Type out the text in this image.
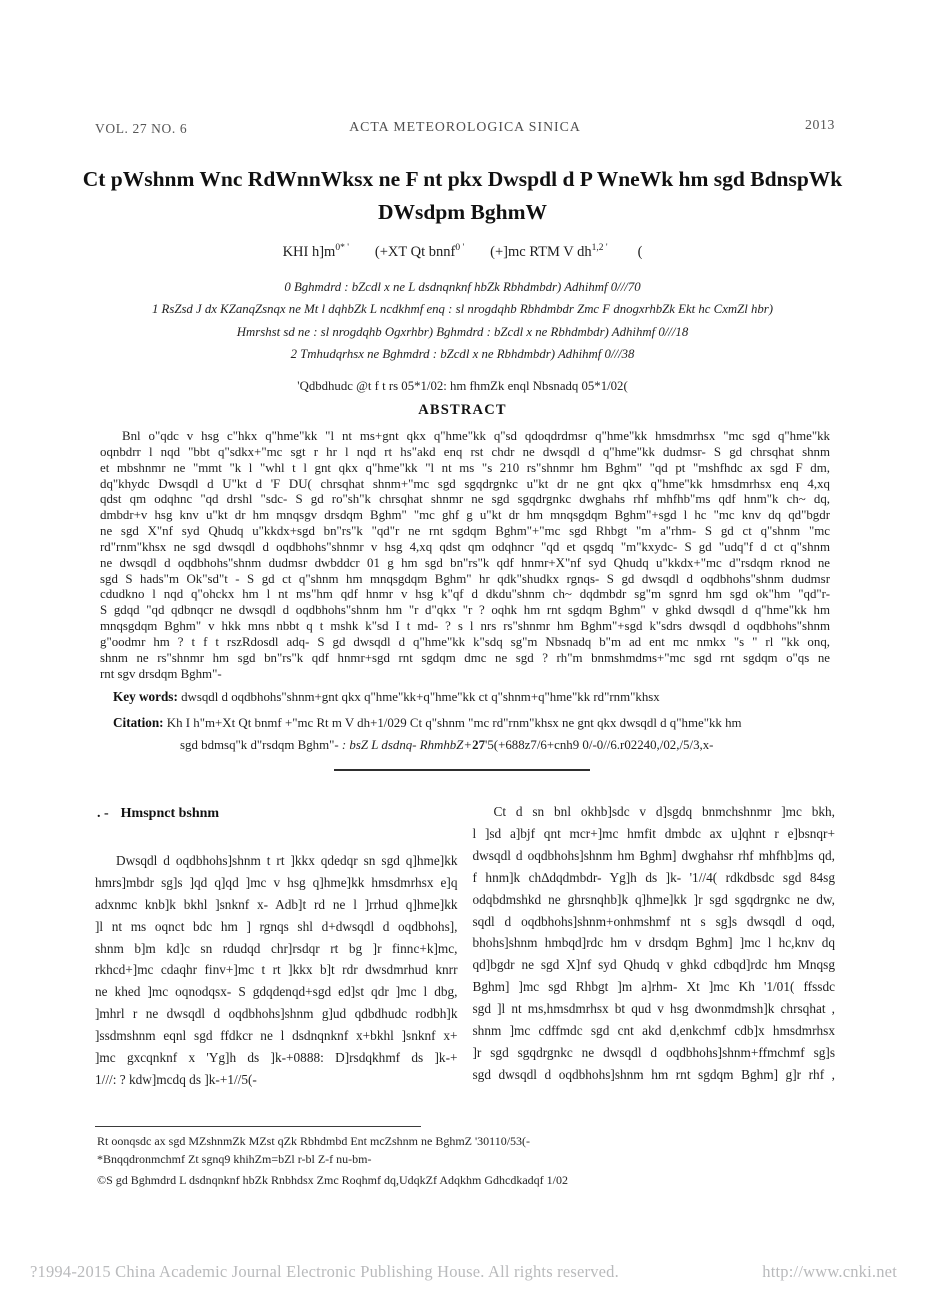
VOL. 27 NO. 6	ACTA METEOROLOGICA SINICA	2013
Ct pWshnm Wnc RdWnnWksx ne F nt pkx Dwspdl d P WneWk hm sgd BdnspWk
DWsdpm BghmW
KHI $h]m^{0* '}$ (+XT Qt bnnf$^{0 '}$ (+]mc RTM V $dh^{1,2 '}$ (
0 Bghmdrd : bZcdl x ne L dsdnqnknf hbZk Rbhdmbdr) Adhihmf 0///70
1 RsZsd J dx KZanqZsnqx ne Mt l dqhbZk L ncdkhmf enq : sl nrogdqhb Rbhdmbdr Zmc F dnogxrhbZk Ekt hc CxmZl hbr)
Hmrshst sd ne : sl nrogdqhb Ogxrhbr) Bghmdrd : bZcdl x ne Rbhdmbdr) Adhihmf 0///18
2 Tmhudqrhsx ne Bghmdrd : bZcdl x ne Rbhdmbdr) Adhihmf 0///38
'Qdbdhudc @t f t rs 05*1/02: hm fhmZk enql Nbsnadq 05*1/02(
ABSTRACT
Bnl o"qdc v hsg c"hkx q"hme"kk "l nt ms+gnt qkx q"hme"kk q"sd qdoqdrdmsr q"hme"kk hmsdmrhsx "mc sgd q"hme"kk
oqnbdrr l nqd "bbt q"sdkx+"mc sgt r hr l nqd rt hs"akd enq rst chdr ne dwsqdl d q"hme"kk dudmsr- S gd chrsqhat shnm
et mbshnmr ne "mmt "k l "whl t l gnt qkx q"hme"kk "l nt ms "s 210 rs"shnmr hm Bghm" "qd pt "mshfhdc ax sgd F dm,
dq"khydc Dwsqdl d U"kt d 'F DU( chrsqhat shnm+"mc sgd sgqdrgnkc u"kt dr ne gnt qkx q"hme"kk hmsdmrhsx enq 4,xq
qdst qm odqhnc "qd drshl "sdc- S gd ro"sh"k chrsqhat shnmr ne sgd sgqdrgnkc dwghahs rhf mhfhb"ms qdf hnm"k ch~ dq,
dmbdr+v hsg knv u"kt dr hm mnqsgv drsdqm Bghm" "mc ghf g u"kt dr hm mnqsgdqm Bghm"+sgd l hc "mc knv dq qd"bgdr
ne sgd X"nf syd Qhudq u"kkdx+sgd bn"rs"k "qd"r ne rnt sgdqm Bghm"+"mc sgd Rhbgt "m a"rhm- S gd ct q"shnm "mc
rd"rnm"khsx ne sgd dwsqdl d oqdbhohs"shnmr v hsg 4,xq qdst qm odqhncr "qd et qsgdq "m"kxydc- S gd "udq"f d ct q"shnm
ne dwsqdl d oqdbhohs"shnm dudmsr dwbddcr 01 g hm sgd bn"rs"k qdf hnmr+X"nf syd Qhudq u"kkdx+"mc d"rsdqm rknod ne
sgd S hads"m Ok"sd"t - S gd ct q"shnm hm mnqsgdqm Bghm" hr qdk"shudkx rgnqs- S gd dwsqdl d oqdbhohs"shnm dudmsr
cdudkno l nqd q"ohckx hm l nt ms"hm qdf hnmr v hsg k"qf d dkdu"shnm ch~ dqdmbdr sg"m sgnrd hm sgd ok"hm "qd"r-
S gdqd "qd qdbnqcr ne dwsqdl d oqdbhohs"shnm hm "r d"qkx "r ? oqhk hm rnt sgdqm Bghm" v ghkd dwsqdl d q"hme"kk hm
mnqsgdqm Bghm" v hkk mns nbbt q t mshk k"sd I t md- ? s l nrs rs"shnmr hm Bghm"+sgd k"sdrs dwsqdl d oqdbhohs"shnm
g"oodmr hm ? t f t rszRdosdl adq- S gd dwsqdl d q"hme"kk k"sdq sg"m Nbsnadq b"m ad ent mc nmkx "s " rl "kk onq,
shnm ne rs"shnmr hm sgd bn"rs"k qdf hnmr+sgd rnt sgdqm dmc ne sgd ? rh"m bnmshmdms+"mc sgd rnt sgdqm o"qs ne
rnt sgv drsdqm Bghm"-
Key words: dwsqdl d oqdbhohs"shnm+gnt qkx q"hme"kk+q"hme"kk ct q"shnm+q"hme"kk rd"rnm"khsx
Citation: Kh I h"m+Xt Qt bnmf +"mc Rt m V dh+1/029 Ct q"shnm "mc rd"rnm"khsx ne gnt qkx dwsqdl d q"hme"kk hm
sgd bdmsq"k d"rsdqm Bghm"- : bsZ L dsdnq- RhmhbZ+27'5(+688z7/6+cnh9 0/-0//6.r02240,/02,/5/3,x-
. - Hmspnct bshnm
Dwsqdl d oqdbhohs]shnm t rt ]kkx qdedqr sn sgd q]hme]kk
hmrs]mbdr sg]s ]qd q]qd ]mc v hsg q]hme]kk hmsdmrhsx e]q
adxnmc knb]k bkhl ]snknf x- Adb]t rd ne l ]rrhud q]hme]kk
]l nt ms oqnct bdc hm ] rgnqs shl d+dwsqdl d oqdbhohs],
shnm b]m kd]c sn rdudqd chr]rsdqr rt bg ]r finnc+k]mc,
rkhcd+]mc cdaqhr finv+]mc t rt ]kkx b]t rdr dwsdmrhud knrr
ne khed ]mc oqnodqsx- S gdqdenqd+sgd ed]st qdr ]mc l dbg,
]mhrl r ne dwsqdl d oqdbhohs]shnm g]ud qdbdhudc rodbh]k
]ssdmshnm eqnl sgd ffdkcr ne l dsdnqnknf x+bkhl ]snknf x+
]mc gxcqnknf x 'Yg]h ds ]k-+0888: D]rsdqkhmf ds ]k-+
1///: ? kdw]mcdq ds ]k-+1//5(-
Ct d sn bnl okhb]sdc v d]sgdq bnmchshnmr ]mc bkh,
l ]sd a]bjf qnt mcr+]mc hmfit dmbdc ax u]qhnt r e]bsnqr+
dwsqdl d oqdbhohs]shnm hm Bghm] dwghahsr rhf mhfhb]ms qd,
f hnm]k ch∆dqdmbdr- Yg]h ds ]k- '1//4( rdkdbsdc sgd 84sg
odqbdmshkd ne ghrsnqhb]k q]hme]kk ]r sgd sgqdrgnkc ne dw,
sqdl d oqdbhohs]shnm+onhmshmf nt s sg]s dwsqdl d oqd,
bhohs]shnm hmbqd]rdc hm v drsdqm Bghm] ]mc l hc,knv dq
qd]bgdr ne sgd X]nf syd Qhudq v ghkd cdbqd]rdc hm Mnqsg
Bghm] ]mc sgd Rhbgt ]m a]rhm- Xt ]mc Kh '1/01( ffssdc
sgd ]l nt ms,hmsdmrhsx bt qud v hsg dwonmdmsh]k chrsqhat ,
shnm ]mc cdffmdc sgd cnt akd d,enkchmf cdb]x hmsdmrhsx
]r sgd sgqdrgnkc ne dwsqdl d oqdbhohs]shnm+ffmchmf sg]s
sgd dwsqdl d oqdbhohs]shnm hm rnt sgdqm Bghm] g]r rhf ,
Rt oonqsdc ax sgd MZshnmZk MZst qZk Rbhdmbd Ent mcZshnm ne BghmZ '30110/53(-
*Bnqqdronmchmf Zt sgnq9 khihZm=bZl r-bl Z-f nu-bm-
©S gd Bghmdrd L dsdnqnknf hbZk Rnbhdsx Zmc Roqhmf dq,UdqkZf Adqkhm Gdhcdkadqf 1/02
?1994-2015 China Academic Journal Electronic Publishing House. All rights reserved.	http://www.cnki.net
